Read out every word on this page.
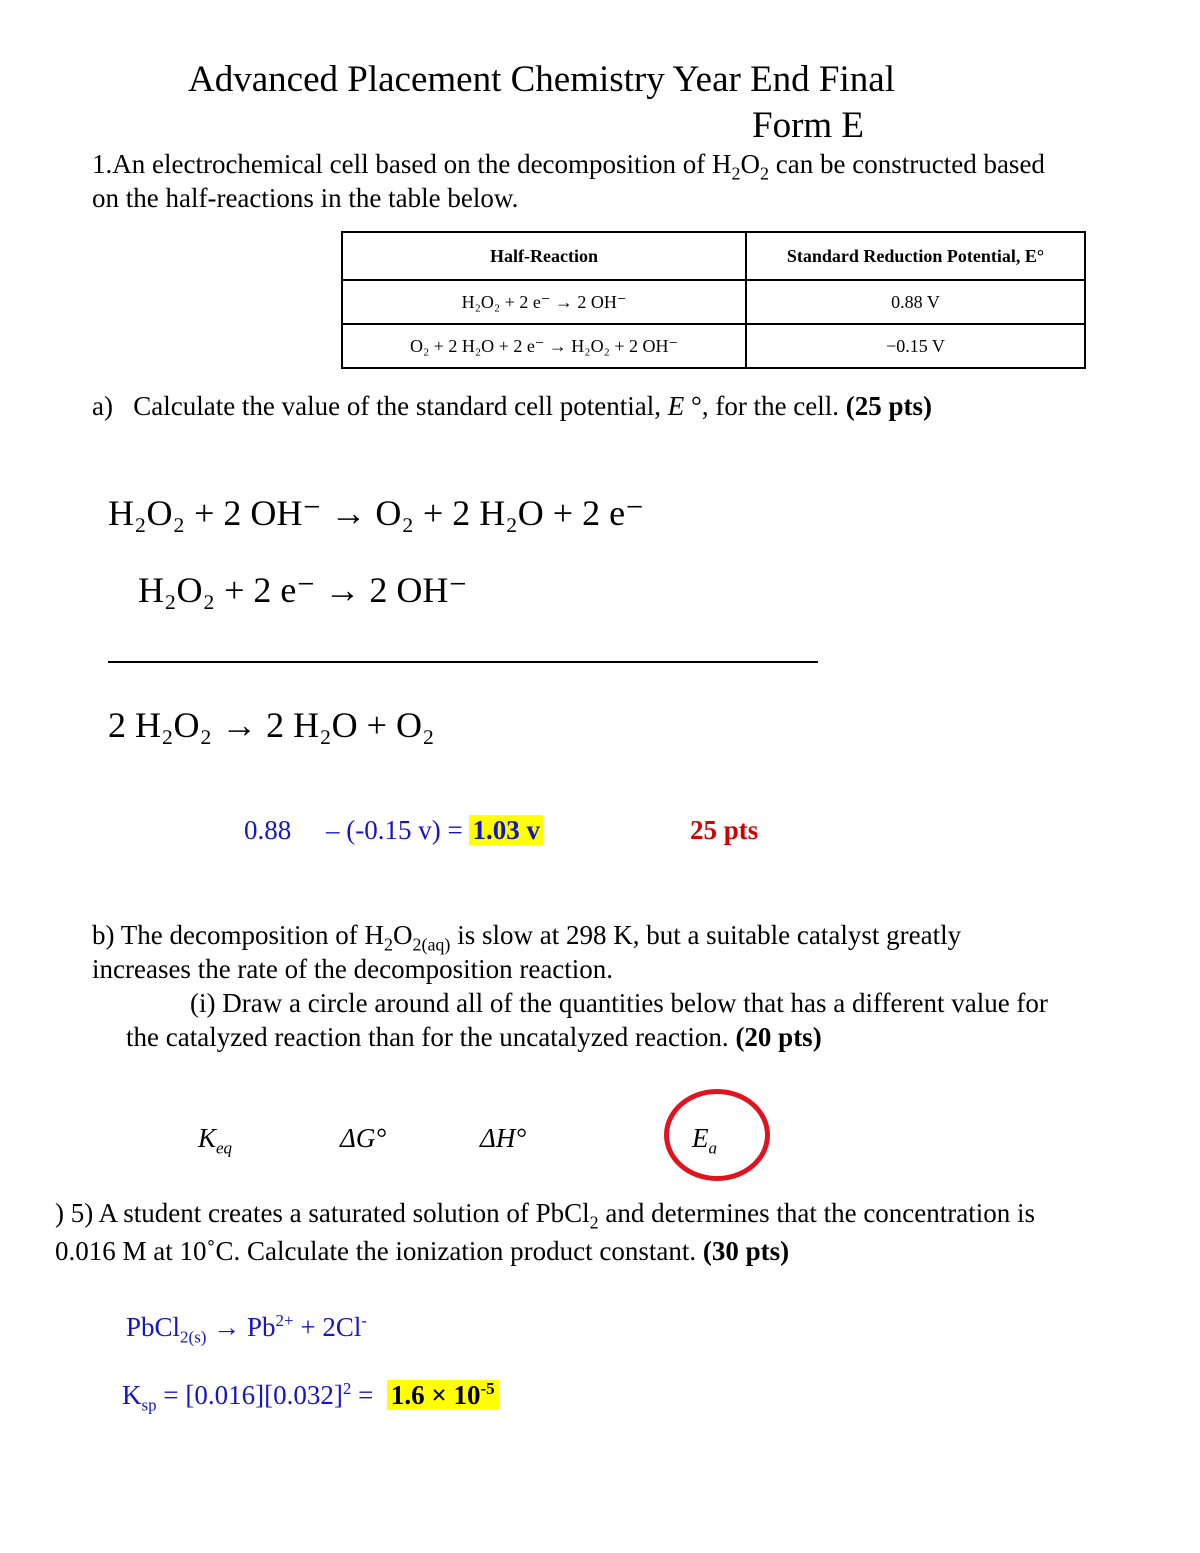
Advanced Placement Chemistry Year End Final
Form E
1.An electrochemical cell based on the decomposition of $H_2O_2$ can be constructed based
on the half-reactions in the table below.
Half-Reaction	Standard Reduction Potential, E°
H₂O₂ + 2 e⁻ → 2 OH⁻	0.88 V
O₂ + 2 H₂O + 2 e⁻ → H₂O₂ + 2 OH⁻	−0.15 V
a) Calculate the value of the standard cell potential, E °, for the cell. (25 pts)
H₂O₂ + 2 OH⁻ → O₂ + 2 H₂O + 2 e⁻
H₂O₂ + 2 e⁻ → 2 OH⁻
2 H₂O₂ → 2 H₂O + O₂
0.88 – (-0.15 v) = 1.03 v	25 pts
b) The decomposition of $H_2O_{2(aq)}$ is slow at 298 K, but a suitable catalyst greatly
increases the rate of the decomposition reaction.
(i) Draw a circle around all of the quantities below that has a different value for
the catalyzed reaction than for the uncatalyzed reaction. (20 pts)
$K_{eq}$	ΔG°	ΔH°	$E_a$
) 5) A student creates a saturated solution of PbCl$_2$ and determines that the concentration is
0.016 M at 10˚C. Calculate the ionization product constant. (30 pts)
PbCl$_{2(s)}$ → $Pb^{2+} + 2Cl^-$
$K_{sp} = [0.016][0.032]^2 = 1.6 \times 10^{-5}$
